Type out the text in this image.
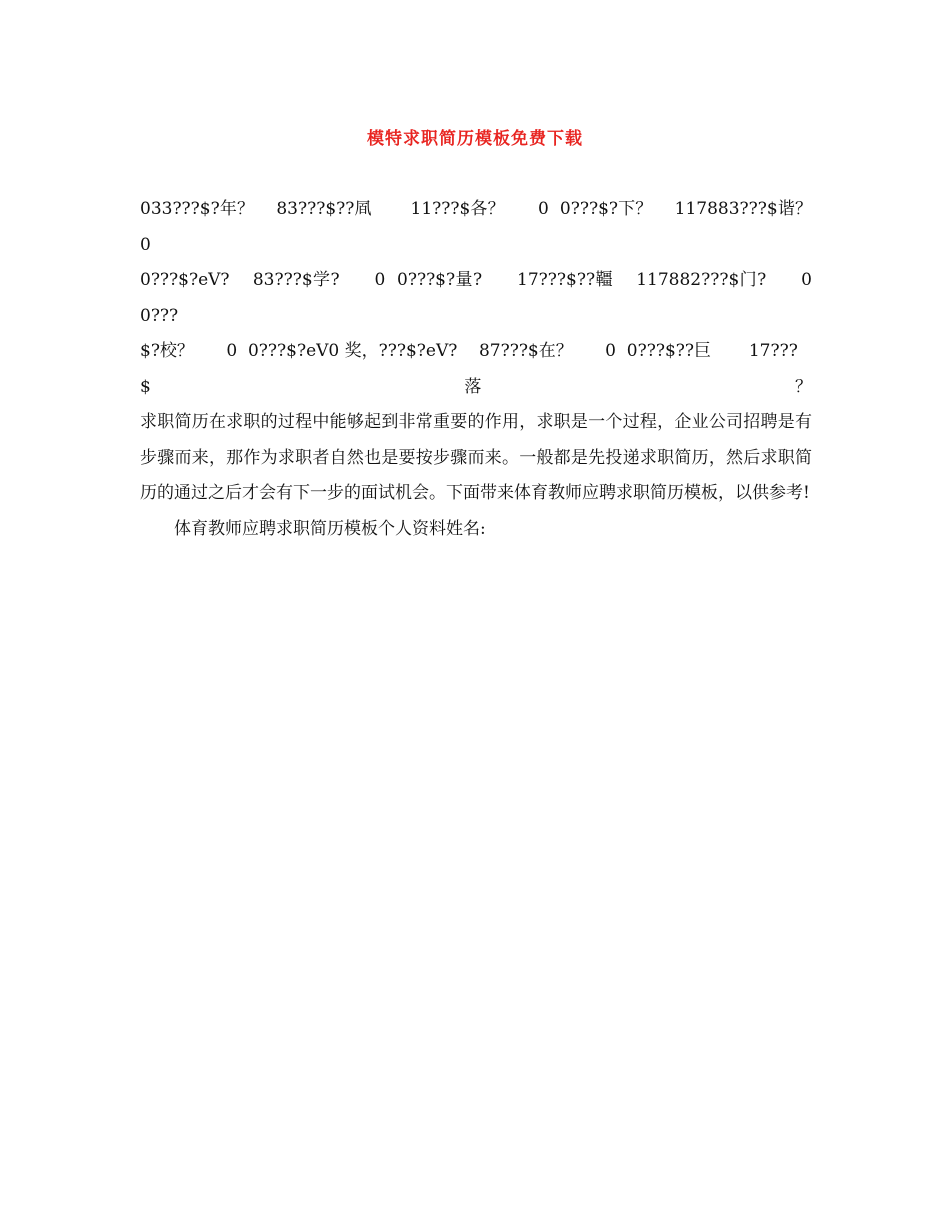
模特求职简历模板免费下载

033???$?年？    83???$??凮       11???$各？      0  0???$?下？    117883???$谐？      0

0???$?eV?    83???$学?      0  0???$?量?      17???$??韁    117882???$门?      0  0???

$?校？      0  0???$?eV0 奖，???$?eV?    87???$在？      0  0???$??巨       17???$落？

求职简历在求职的过程中能够起到非常重要的作用，求职是一个过程，企业公司招聘是有步骤而来，那作为求职者自然也是要按步骤而来。一般都是先投递求职简历，然后求职简历的通过之后才会有下一步的面试机会。下面带来体育教师应聘求职简历模板，以供参考!

体育教师应聘求职简历模板个人资料姓名:
